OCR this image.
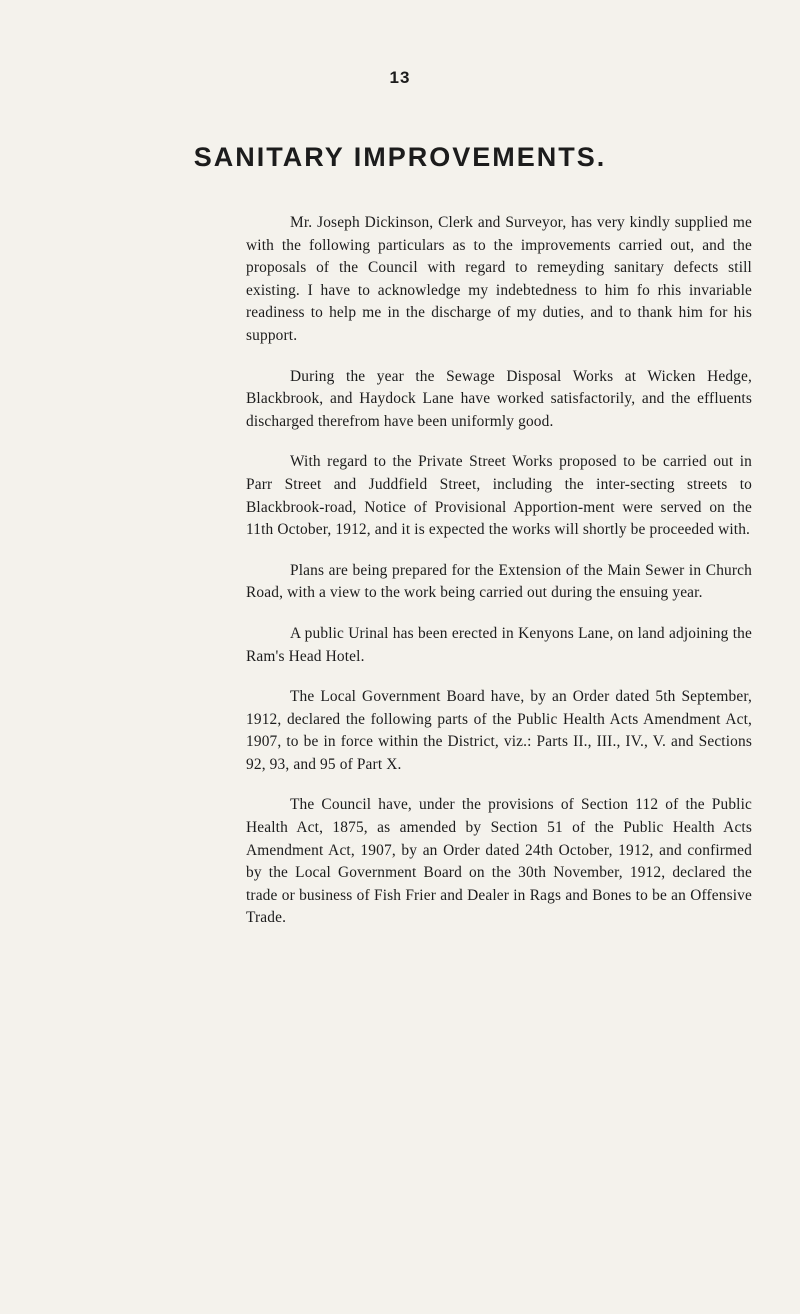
13
SANITARY IMPROVEMENTS.

Mr. Joseph Dickinson, Clerk and Surveyor, has very kindly supplied me with the following particulars as to the improvements carried out, and the proposals of the Council with regard to remeyding sanitary defects still existing. I have to acknowledge my indebtedness to him fo rhis invariable readiness to help me in the discharge of my duties, and to thank him for his support.

During the year the Sewage Disposal Works at Wicken Hedge, Blackbrook, and Haydock Lane have worked satisfactorily, and the effluents discharged therefrom have been uniformly good.

With regard to the Private Street Works proposed to be carried out in Parr Street and Juddfield Street, including the inter-secting streets to Blackbrook-road, Notice of Provisional Apportion-ment were served on the 11th October, 1912, and it is expected the works will shortly be proceeded with.

Plans are being prepared for the Extension of the Main Sewer in Church Road, with a view to the work being carried out during the ensuing year.

A public Urinal has been erected in Kenyons Lane, on land adjoining the Ram's Head Hotel.

The Local Government Board have, by an Order dated 5th September, 1912, declared the following parts of the Public Health Acts Amendment Act, 1907, to be in force within the District, viz.: Parts II., III., IV., V. and Sections 92, 93, and 95 of Part X.

The Council have, under the provisions of Section 112 of the Public Health Act, 1875, as amended by Section 51 of the Public Health Acts Amendment Act, 1907, by an Order dated 24th October, 1912, and confirmed by the Local Government Board on the 30th November, 1912, declared the trade or business of Fish Frier and Dealer in Rags and Bones to be an Offensive Trade.
